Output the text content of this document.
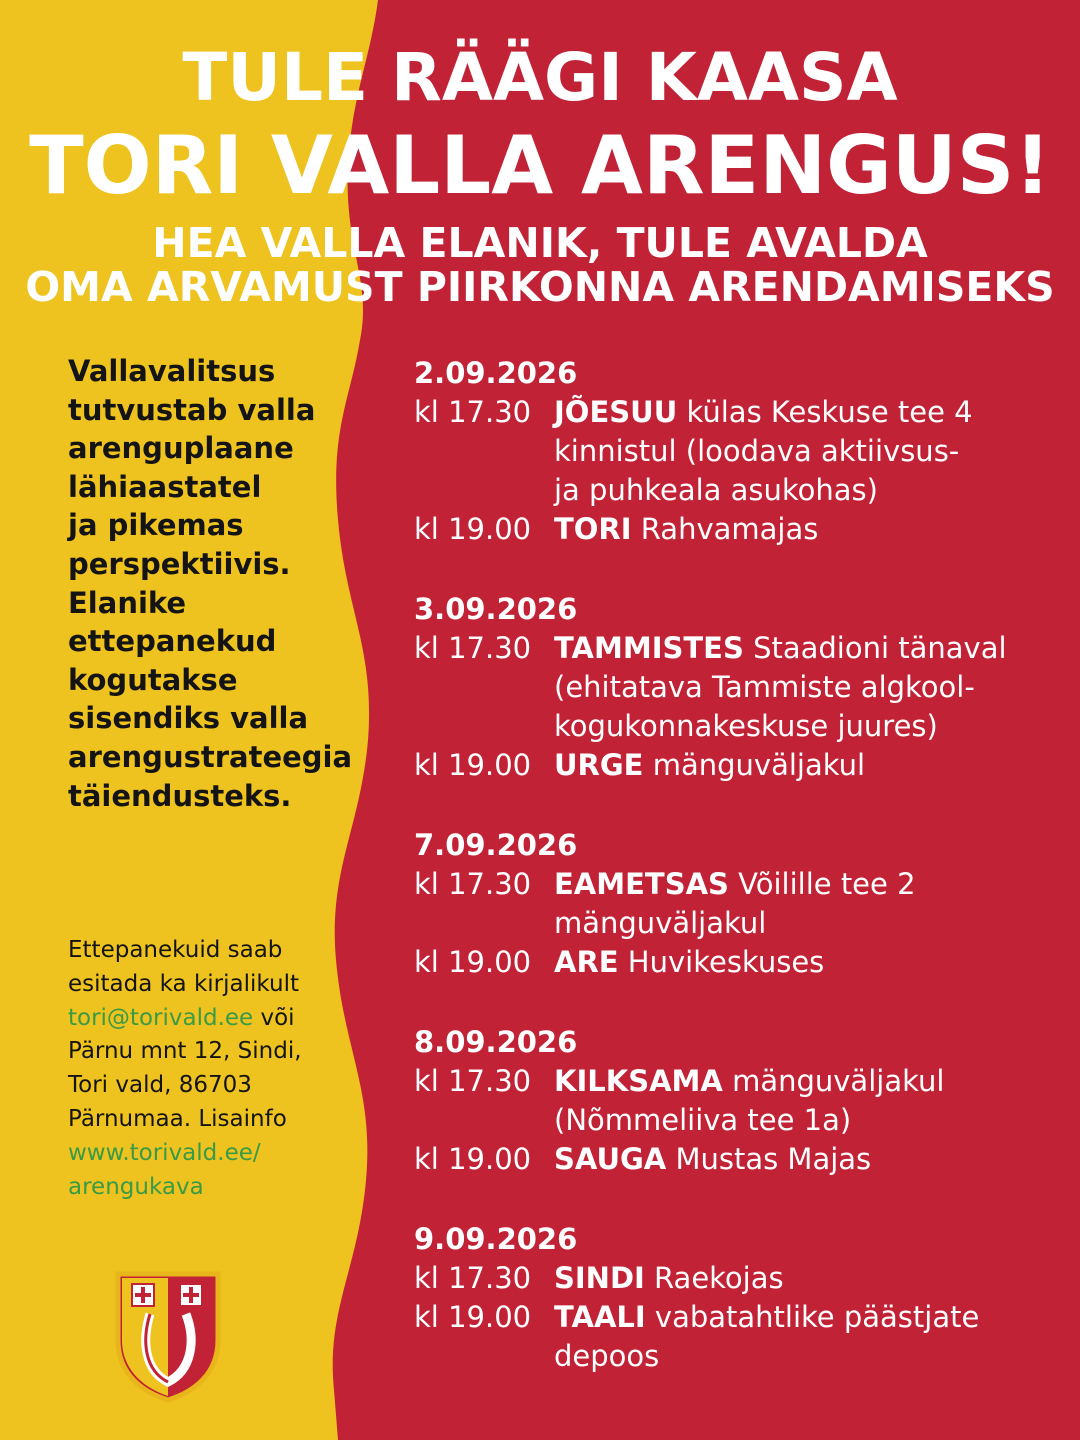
TULE RÄÄGI KAASA
TORI VALLA ARENGUS!
HEA VALLA ELANIK, TULE AVALDA
OMA ARVAMUST PIIRKONNA ARENDAMISEKS
Vallavalitsus
tutvustab valla
arenguplaane
lähiaastatel
ja pikemas
perspektiivis.
Elanike
ettepanekud
kogutakse
sisendiks valla
arengustrateegia
täiendusteks.
Ettepanekuid saab
esitada ka kirjalikult
tori@torivald.ee või
Pärnu mnt 12, Sindi,
Tori vald, 86703
Pärnumaa. Lisainfo
www.torivald.ee/
arengukava
2.09.2026
kl 17.30 JÕESUU külas Keskuse tee 4
kinnistul (loodava aktiivsus-
ja puhkeala asukohas)
kl 19.00 TORI Rahvamajas
3.09.2026
kl 17.30 TAMMISTES Staadioni tänaval
(ehitatava Tammiste algkool-
kogukonnakeskuse juures)
kl 19.00 URGE mänguväljakul
7.09.2026
kl 17.30 EAMETSAS Võilille tee 2
mänguväljakul
kl 19.00 ARE Huvikeskuses
8.09.2026
kl 17.30 KILKSAMA mänguväljakul
(Nõmmeliiva tee 1a)
kl 19.00 SAUGA Mustas Majas
9.09.2026
kl 17.30 SINDI Raekojas
kl 19.00 TAALI vabatahtlike päästjate
depoos
